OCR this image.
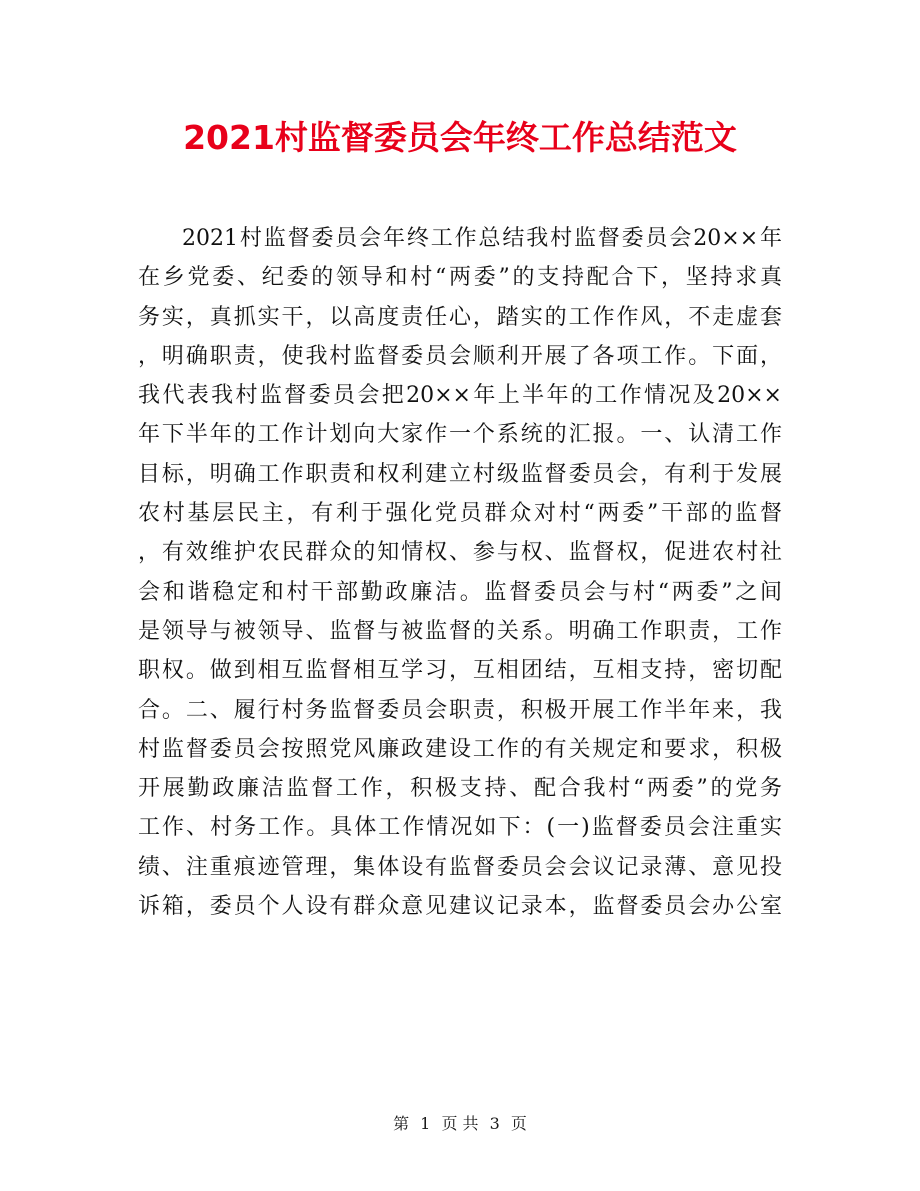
2021村监督委员会年终工作总结范文
2021村监督委员会年终工作总结我村监督委员会20××年
在乡党委、纪委的领导和村“两委”的支持配合下，坚持求真
务实，真抓实干，以高度责任心，踏实的工作作风，不走虚套
，明确职责，使我村监督委员会顺利开展了各项工作。下面，
我代表我村监督委员会把20××年上半年的工作情况及20××
年下半年的工作计划向大家作一个系统的汇报。一、认清工作
目标，明确工作职责和权利建立村级监督委员会，有利于发展
农村基层民主，有利于强化党员群众对村“两委”干部的监督
，有效维护农民群众的知情权、参与权、监督权，促进农村社
会和谐稳定和村干部勤政廉洁。监督委员会与村“两委”之间
是领导与被领导、监督与被监督的关系。明确工作职责，工作
职权。做到相互监督相互学习，互相团结，互相支持，密切配
合。二、履行村务监督委员会职责，积极开展工作半年来，我
村监督委员会按照党风廉政建设工作的有关规定和要求，积极
开展勤政廉洁监督工作，积极支持、配合我村“两委”的党务
工作、村务工作。具体工作情况如下：(一)监督委员会注重实
绩、注重痕迹管理，集体设有监督委员会会议记录薄、意见投
诉箱，委员个人设有群众意见建议记录本，监督委员会办公室
第 1 页 共 3 页
